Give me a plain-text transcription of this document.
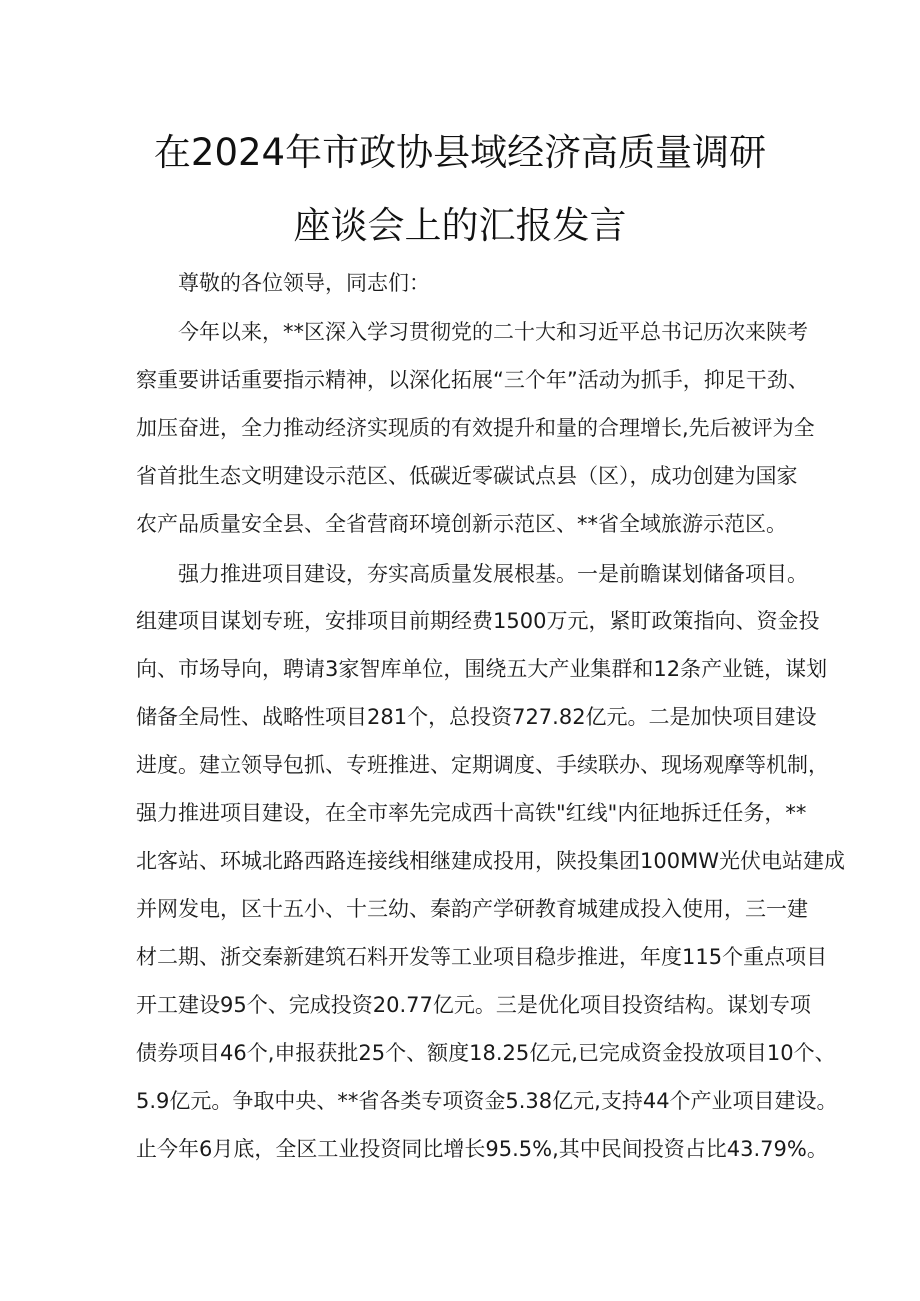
在2024年市政协县域经济高质量调研
座谈会上的汇报发言
尊敬的各位领导，同志们：
今年以来，**区深入学习贯彻党的二十大和习近平总书记历次来陕考
察重要讲话重要指示精神，以深化拓展“三个年”活动为抓手，抑足干劲、
加压奋进，全力推动经济实现质的有效提升和量的合理增长,先后被评为全
省首批生态文明建设示范区、低碳近零碳试点县（区），成功创建为国家
农产品质量安全县、全省营商环境创新示范区、**省全域旅游示范区。
强力推进项目建设，夯实高质量发展根基。一是前瞻谋划储备项目。
组建项目谋划专班，安排项目前期经费1500万元，紧盯政策指向、资金投
向、市场导向，聘请3家智库单位，围绕五大产业集群和12条产业链，谋划
储备全局性、战略性项目281个，总投资727.82亿元。二是加快项目建设
进度。建立领导包抓、专班推进、定期调度、手续联办、现场观摩等机制，
强力推进项目建设，在全市率先完成西十高铁"红线"内征地拆迁任务，**
北客站、环城北路西路连接线相继建成投用，陕投集团100MW光伏电站建成
并网发电，区十五小、十三幼、秦韵产学研教育城建成投入使用，三一建
材二期、浙交秦新建筑石料开发等工业项目稳步推进，年度115个重点项目
开工建设95个、完成投资20.77亿元。三是优化项目投资结构。谋划专项
债券项目46个,申报获批25个、额度18.25亿元,已完成资金投放项目10个、
5.9亿元。争取中央、**省各类专项资金5.38亿元,支持44个产业项目建设。
止今年6月底，全区工业投资同比增长95.5%,其中民间投资占比43.79%。
